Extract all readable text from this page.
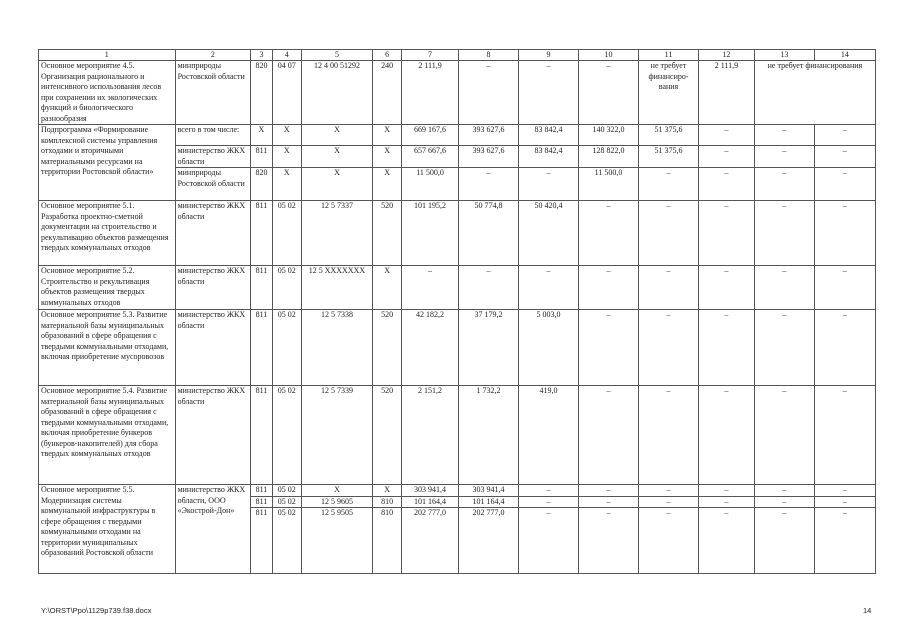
1	2	3	4	5	6	7	8	9	10	11	12	13	14
Основное мероприятие 4.5. Организация рационального и интенсивного использования лесов при сохранении их экологических функций и биологического разнообразия	минприроды Ростовской области	820	04 07	12 4 00 51292	240	2 111,9	–	–	–	не требует финансиро-вания	2 111,9	не требует финансирования	
Подпрограмма «Формирование комплексной системы управления отходами и вторичными материальными ресурсами на территории Ростовской области»	всего в том числе:	Х	Х	Х	Х	669 167,6	393 627,6	83 842,4	140 322,0	51 375,6	–	–	–
	министерство ЖКХ области	811	Х	Х	Х	657 667,6	393 627,6	83 842,4	128 822,0	51 375,6	–	–	–
	минприроды Ростовской области	820	Х	Х	Х	11 500,0	–	–	11 500,0	–	–	–	–
Основное мероприятие 5.1. Разработка проектно-сметной документации на строительство и рекультивацию объектов размещения твердых коммунальных отходов	министерство ЖКХ области	811	05 02	12 5 7337	520	101 195,2	50 774,8	50 420,4	–	–	–	–	–
Основное мероприятие 5.2. Строительство и рекультивация объектов размещения твердых коммунальных отходов	министерство ЖКХ области	811	05 02	12 5 XXXXXXX	Х	–	–	–	–	–	–	–	–
Основное мероприятие 5.3. Развитие материальной базы муниципальных образований в сфере обращения с твердыми коммунальными отходами, включая приобретение мусоровозов	министерство ЖКХ области	811	05 02	12 5 7338	520	42 182,2	37 179,2	5 003,0	–	–	–	–	–
Основное мероприятие 5.4. Развитие материальной базы муниципальных образований в сфере обращения с твердыми коммунальными отходами, включая приобретение бункеров (бункеров-накопителей) для сбора твердых коммунальных отходов	министерство ЖКХ области	811	05 02	12 5 7339	520	2 151,2	1 732,2	419,0	–	–	–	–	–
Основное мероприятие 5.5. Модернизация системы коммунальной инфраструктуры в сфере обращения с твердыми коммунальными отходами на территории муниципальных образований Ростовской области	министерство ЖКХ области, ООО «Экострой-Дон»	811	05 02	Х	Х	303 941,4	303 941,4	–	–	–	–	–	–
		811	05 02	12 5 9605	810	101 164,4	101 164,4	–	–	–	–	–	–
		811	05 02	12 5 9505	810	202 777,0	202 777,0	–	–	–	–	–	–
Y:\ORST\Ppo\1129p739.f38.docx	14
